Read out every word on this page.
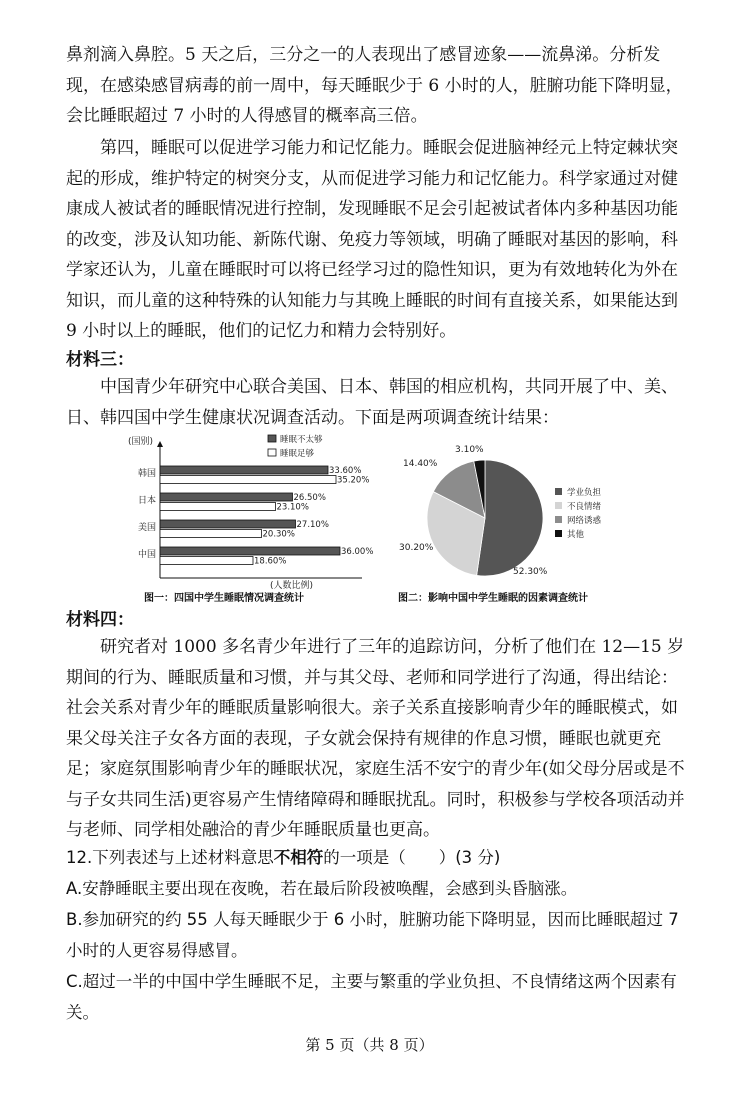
鼻剂滴入鼻腔。5 天之后，三分之一的人表现出了感冒迹象——流鼻涕。分析发现，在感染感冒病毒的前一周中，每天睡眠少于 6 小时的人，脏腑功能下降明显，会比睡眠超过 7 小时的人得感冒的概率高三倍。

第四，睡眠可以促进学习能力和记忆能力。睡眠会促进脑神经元上特定棘状突起的形成，维护特定的树突分支，从而促进学习能力和记忆能力。科学家通过对健康成人被试者的睡眠情况进行控制，发现睡眠不足会引起被试者体内多种基因功能的改变，涉及认知功能、新陈代谢、免疫力等领域，明确了睡眠对基因的影响，科学家还认为，儿童在睡眠时可以将已经学习过的隐性知识，更为有效地转化为外在知识，而儿童的这种特殊的认知能力与其晚上睡眠的时间有直接关系，如果能达到 9 小时以上的睡眠，他们的记忆力和精力会特别好。

材料三：

中国青少年研究中心联合美国、日本、韩国的相应机构，共同开展了中、美、日、韩四国中学生健康状况调查活动。下面是两项调查统计结果：

(国别)
(人数比例)
睡眠不太够
睡眠足够
韩国	33.60%
35.20%
日本	26.50%
23.10%
美国	27.10%
20.30%
中国	36.00%
18.60%
图一：四国中学生睡眠情况调查统计
52.30%
30.20%
14.40%
3.10%
学业负担
不良情绪
网络诱惑
其他
图二：影响中国中学生睡眠的因素调查统计
材料四：

研究者对 1000 多名青少年进行了三年的追踪访问，分析了他们在 12—15 岁期间的行为、睡眠质量和习惯，并与其父母、老师和同学进行了沟通，得出结论：社会关系对青少年的睡眠质量影响很大。亲子关系直接影响青少年的睡眠模式，如果父母关注子女各方面的表现，子女就会保持有规律的作息习惯，睡眠也就更充足；家庭氛围影响青少年的睡眠状况，家庭生活不安宁的青少年(如父母分居或是不与子女共同生活)更容易产生情绪障碍和睡眠扰乱。同时，积极参与学校各项活动并与老师、同学相处融洽的青少年睡眠质量也更高。

12.下列表述与上述材料意思不相符的一项是（　　）(3 分)

A.安静睡眠主要出现在夜晚，若在最后阶段被唤醒，会感到头昏脑涨。

B.参加研究的约 55 人每天睡眠少于 6 小时，脏腑功能下降明显，因而比睡眠超过 7 小时的人更容易得感冒。

C.超过一半的中国中学生睡眠不足，主要与繁重的学业负担、不良情绪这两个因素有关。

第 5 页（共 8 页）
